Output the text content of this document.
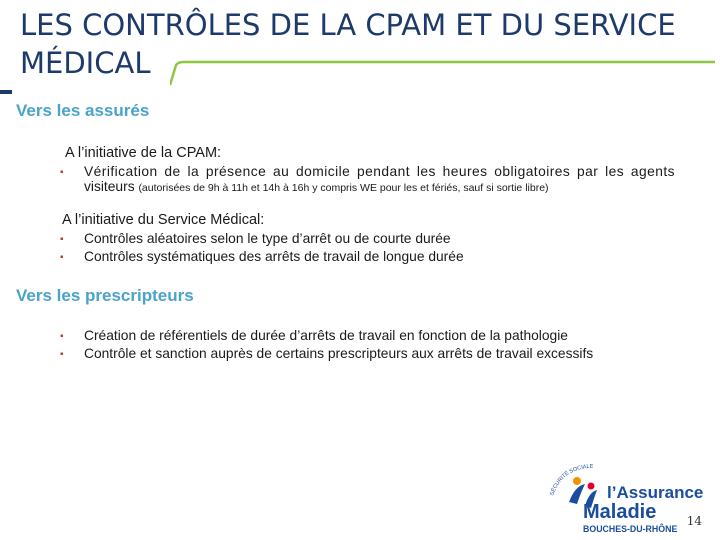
LES CONTRÔLES DE LA CPAM ET DU SERVICE
MÉDICAL
Vers les assurés
A l’initiative de la CPAM:
▪ Vérification de la présence au domicile pendant les heures obligatoires par les agents
visiteurs (autorisées de 9h à 11h et 14h à 16h y compris WE pour les et fériés, sauf si sortie libre)
A l’initiative du Service Médical:
▪ Contrôles aléatoires selon le type d’arrêt ou de courte durée
▪ Contrôles systématiques des arrêts de travail de longue durée
Vers les prescripteurs
▪ Création de référentiels de durée d’arrêts de travail en fonction de la pathologie
▪ Contrôle et sanction auprès de certains prescripteurs aux arrêts de travail excessifs
SÉCURITÉ SOCIALE
l’Assurance
Maladie
BOUCHES-DU-RHÔNE
14
